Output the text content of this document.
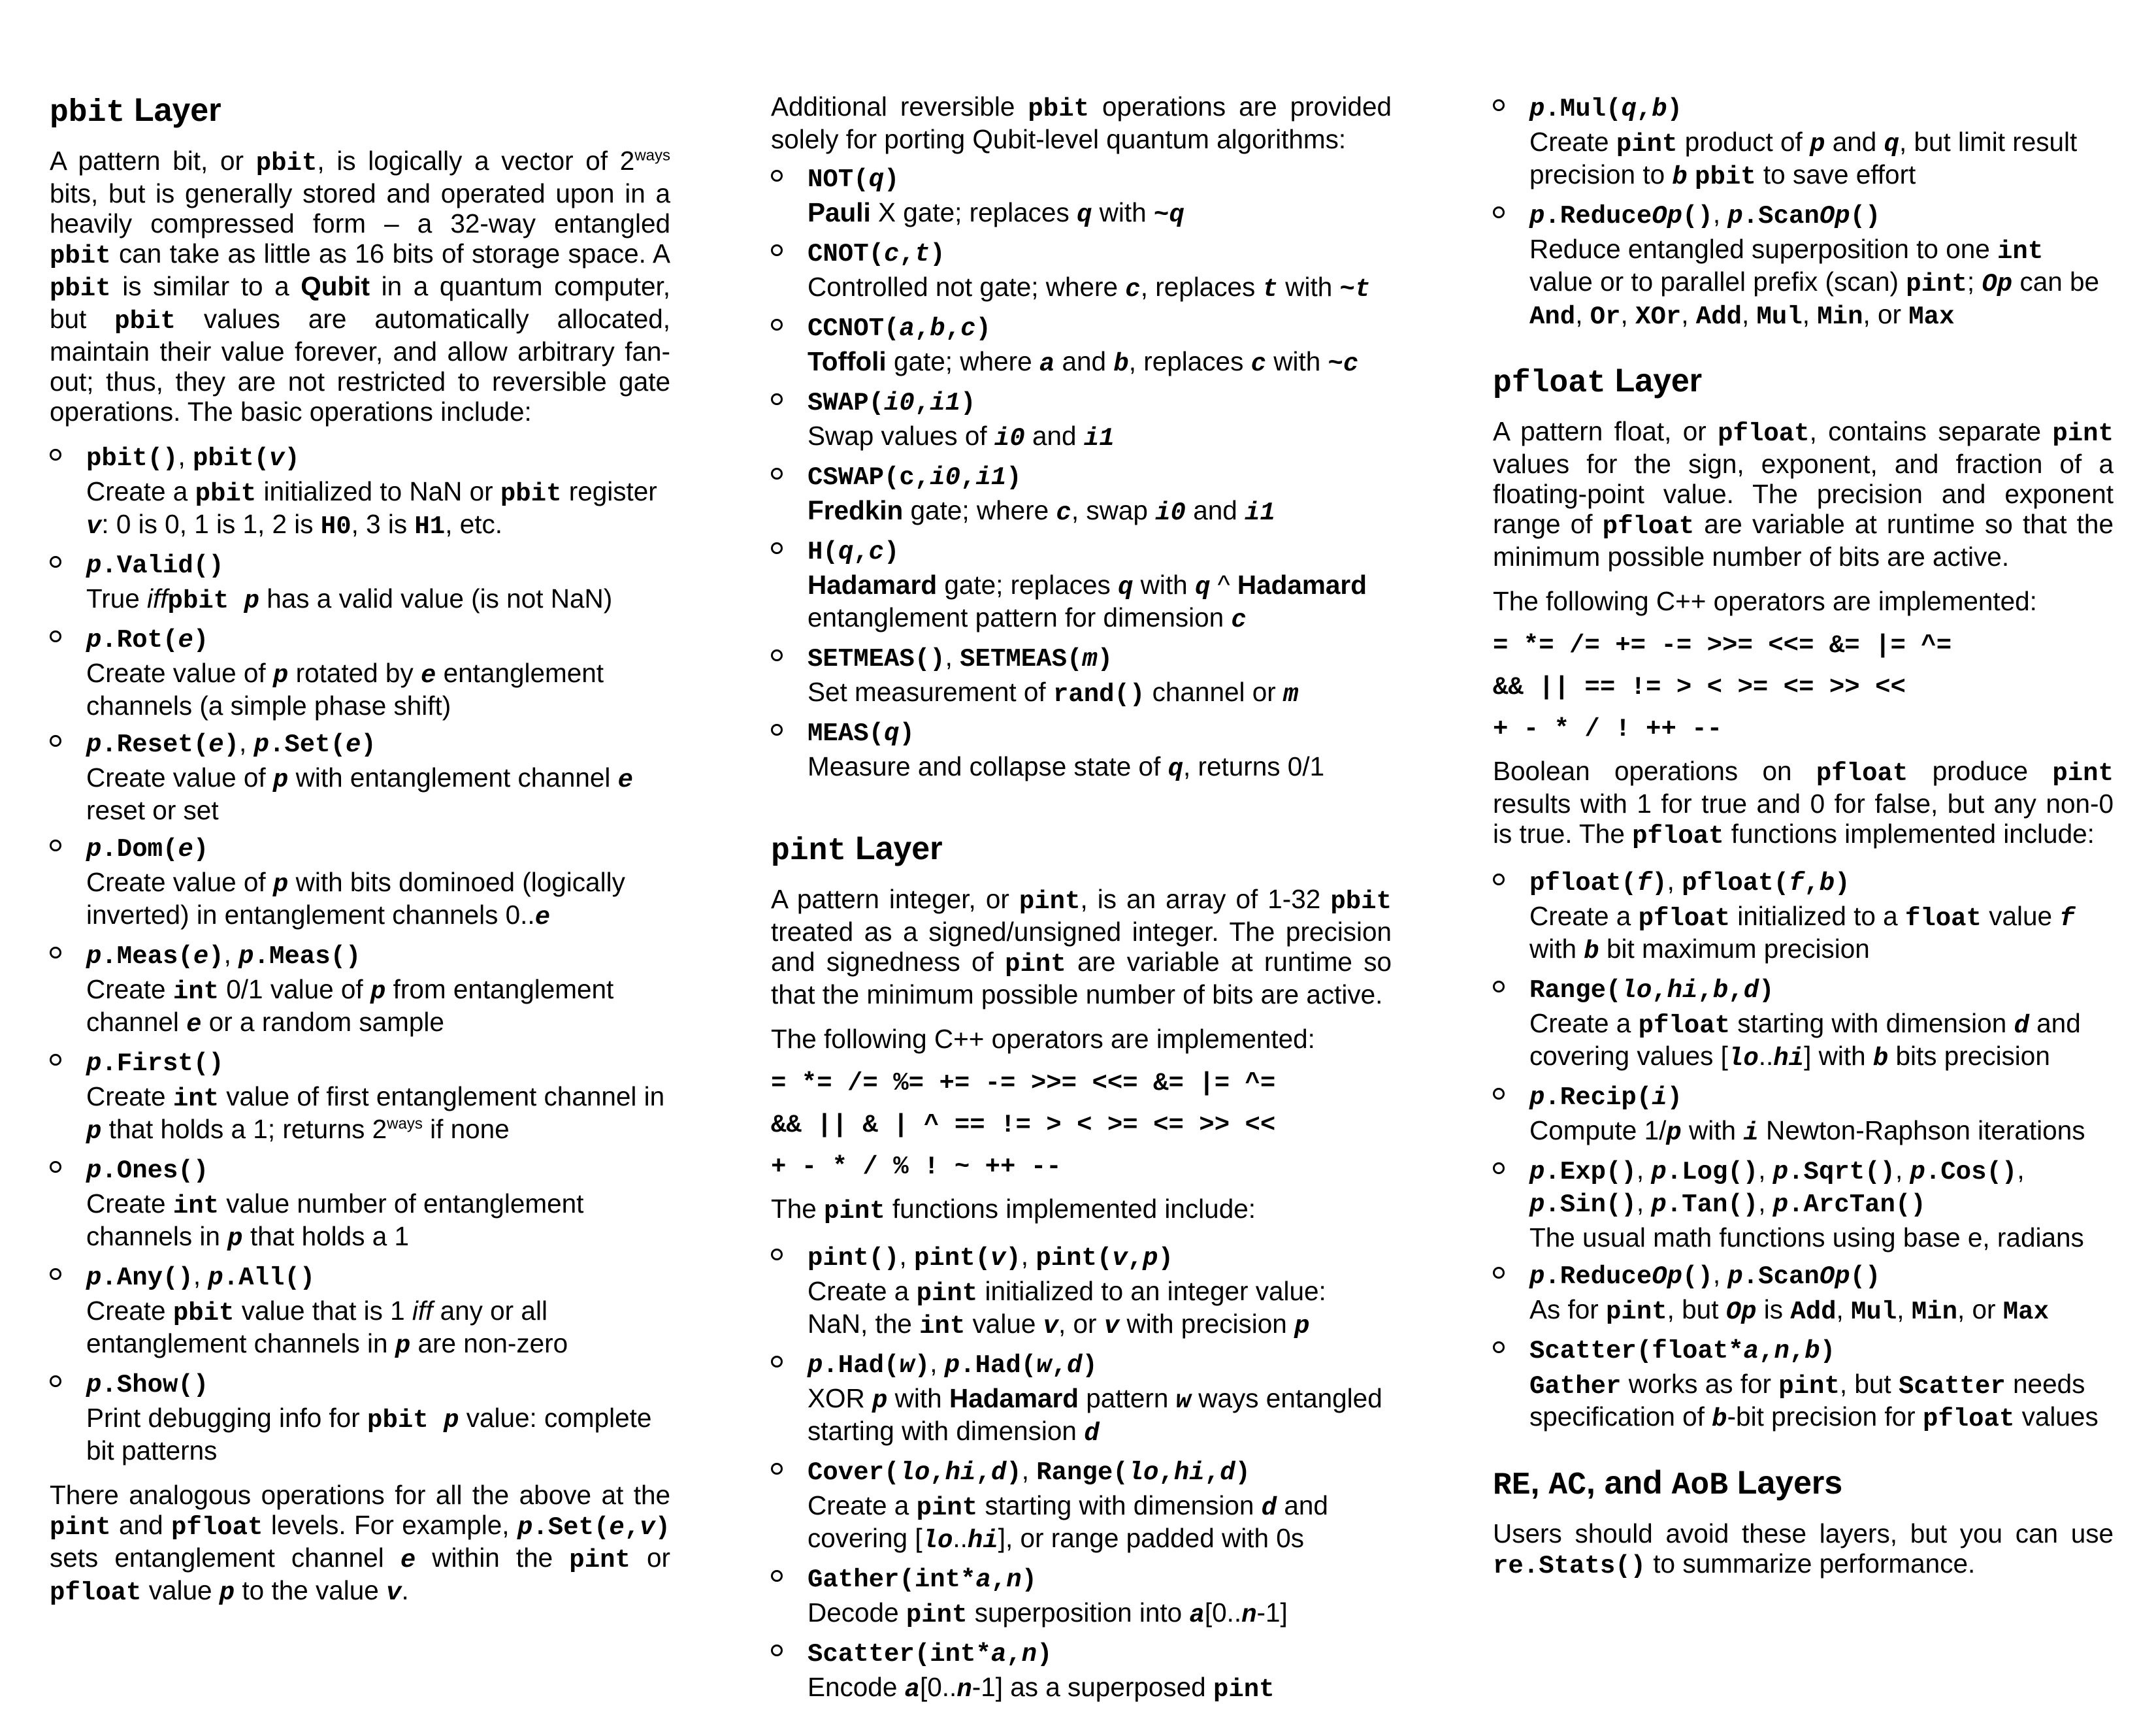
pbit Layer

A pattern bit, or pbit, is logically a vector of $2^{ways}$ bits, but is generally stored and operated upon in a heavily compressed form – a 32-way entangled pbit can take as little as 16 bits of storage space. A pbit is similar to a Qubit in a quantum computer, but pbit values are automatically allocated, maintain their value forever, and allow arbitrary fan-out; thus, they are not restricted to reversible gate operations. The basic operations include:

pbit(), pbit(v)
Create a pbit initialized to NaN or pbit register v: 0 is 0, 1 is 1, 2 is H0, 3 is H1, etc.
p.Valid()
True iffpbit p has a valid value (is not NaN)
p.Rot(e)
Create value of p rotated by e entanglement channels (a simple phase shift)
p.Reset(e), p.Set(e)
Create value of p with entanglement channel e reset or set
p.Dom(e)
Create value of p with bits dominoed (logically inverted) in entanglement channels 0..e
p.Meas(e), p.Meas()
Create int 0/1 value of p from entanglement channel e or a random sample
p.First()
Create int value of first entanglement channel in p that holds a 1; returns $2^{ways}$ if none
p.Ones()
Create int value number of entanglement channels in p that holds a 1
p.Any(), p.All()
Create pbit value that is 1 iff any or all entanglement channels in p are non-zero
p.Show()
Print debugging info for pbit p value: complete bit patterns

There analogous operations for all the above at the pint and pfloat levels. For example, p.Set(e,v) sets entanglement channel e within the pint or pfloat value p to the value v.

Additional reversible pbit operations are provided solely for porting Qubit-level quantum algorithms:

NOT(q)
Pauli X gate; replaces q with ~q
CNOT(c,t)
Controlled not gate; where c, replaces t with ~t
CCNOT(a,b,c)
Toffoli gate; where a and b, replaces c with ~c
SWAP(i0,i1)
Swap values of i0 and i1
CSWAP(c,i0,i1)
Fredkin gate; where c, swap i0 and i1
H(q,c)
Hadamard gate; replaces q with q ^ Hadamard entanglement pattern for dimension c
SETMEAS(), SETMEAS(m)
Set measurement of rand() channel or m
MEAS(q)
Measure and collapse state of q, returns 0/1
pint Layer

A pattern integer, or pint, is an array of 1-32 pbit treated as a signed/unsigned integer. The precision and signedness of pint are variable at runtime so that the minimum possible number of bits are active.

The following C++ operators are implemented:

= *= /= %= += -= >>= <<= &= |= ^=
&& || & | ^ == != > < >= <= >> <<
+ - * / % ! ~ ++ --

The pint functions implemented include:

pint(), pint(v), pint(v,p)
Create a pint initialized to an integer value: NaN, the int value v, or v with precision p
p.Had(w), p.Had(w,d)
XOR p with Hadamard pattern w ways entangled starting with dimension d
Cover(lo,hi,d), Range(lo,hi,d)
Create a pint starting with dimension d and covering [lo..hi], or range padded with 0s
Gather(int*a,n)
Decode pint superposition into a[0..n-1]
Scatter(int*a,n)
Encode a[0..n-1] as a superposed pint
p.Mul(q,b)
Create pint product of p and q, but limit result precision to b pbit to save effort
p.ReduceOp(), p.ScanOp()
Reduce entangled superposition to one int value or to parallel prefix (scan) pint; Op can be And, Or, XOr, Add, Mul, Min, or Max
pfloat Layer

A pattern float, or pfloat, contains separate pint values for the sign, exponent, and fraction of a floating-point value. The precision and exponent range of pfloat are variable at runtime so that the minimum possible number of bits are active.

The following C++ operators are implemented:

= *= /= += -= >>= <<= &= |= ^=
&& || == != > < >= <= >> <<
+ - * / ! ++ --

Boolean operations on pfloat produce pint results with 1 for true and 0 for false, but any non-0 is true. The pfloat functions implemented include:

pfloat(f), pfloat(f,b)
Create a pfloat initialized to a float value f with b bit maximum precision
Range(lo,hi,b,d)
Create a pfloat starting with dimension d and covering values [lo..hi] with b bits precision
p.Recip(i)
Compute 1/p with i Newton-Raphson iterations
p.Exp(), p.Log(), p.Sqrt(), p.Cos(), p.Sin(), p.Tan(), p.ArcTan()
The usual math functions using base e, radians
p.ReduceOp(), p.ScanOp()
As for pint, but Op is Add, Mul, Min, or Max
Scatter(float*a,n,b)
Gather works as for pint, but Scatter needs specification of b-bit precision for pfloat values
RE, AC, and AoB Layers

Users should avoid these layers, but you can use re.Stats() to summarize performance.
